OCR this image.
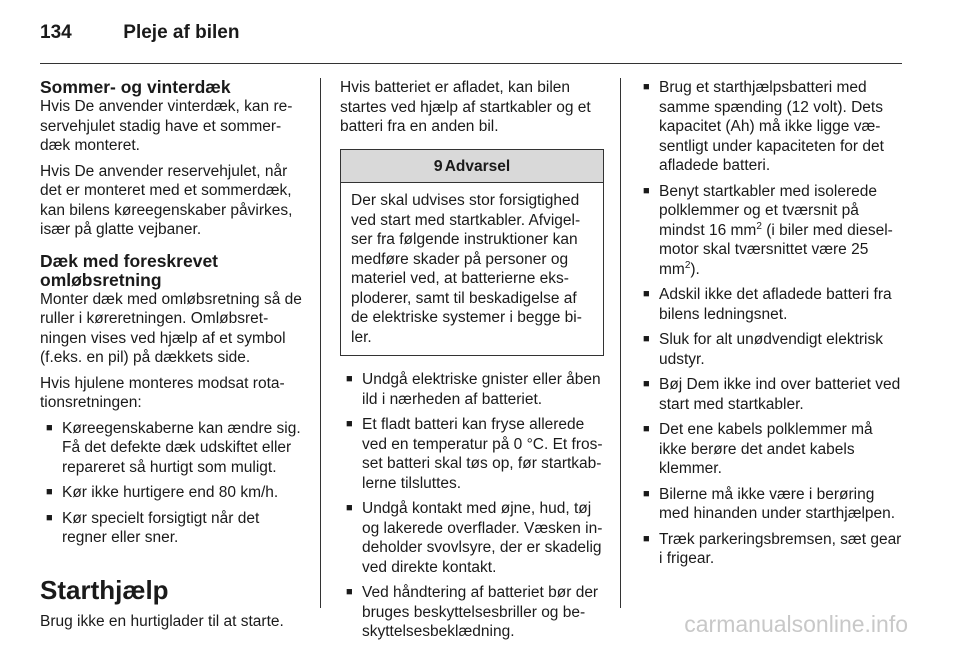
134	Pleje af bilen
Sommer- og vinterdæk

Hvis De anvender vinterdæk, kan re-servehjulet stadig have et sommer-dæk monteret.

Hvis De anvender reservehjulet, når det er monteret med et sommerdæk, kan bilens køreegenskaber påvirkes, især på glatte vejbaner.

Dæk med foreskrevet omløbsretning

Monter dæk med omløbsretning så de ruller i køreretningen. Omløbsret-ningen vises ved hjælp af et symbol (f.eks. en pil) på dækkets side.

Hvis hjulene monteres modsat rota-tionsretningen:

■ Køreegenskaberne kan ændre sig. Få det defekte dæk udskiftet eller repareret så hurtigt som muligt.
■ Kør ikke hurtigere end 80 km/h.
■ Kør specielt forsigtigt når det regner eller sner.
Starthjælp

Brug ikke en hurtiglader til at starte.

Hvis batteriet er afladet, kan bilen startes ved hjælp af startkabler og et batteri fra en anden bil.

9 Advarsel
Der skal udvises stor forsigtighed ved start med startkabler. Afvigel-ser fra følgende instruktioner kan medføre skader på personer og materiel ved, at batterierne eks-ploderer, samt til beskadigelse af de elektriske systemer i begge bi-ler.
■ Undgå elektriske gnister eller åben ild i nærheden af batteriet.
■ Et fladt batteri kan fryse allerede ved en temperatur på 0 °C. Et fros-set batteri skal tøs op, før startkab-lerne tilsluttes.
■ Undgå kontakt med øjne, hud, tøj og lakerede overflader. Væsken in-deholder svovlsyre, der er skadelig ved direkte kontakt.
■ Ved håndtering af batteriet bør der bruges beskyttelsesbriller og be-skyttelsesbeklædning.
■ Brug et starthjælpsbatteri med samme spænding (12 volt). Dets kapacitet (Ah) må ikke ligge væ-sentligt under kapaciteten for det afladede batteri.
■ Benyt startkabler med isolerede polklemmer og et tværsnit på mindst 16 $mm^2$ (i biler med diesel-motor skal tværsnittet være 25 $mm^2$).
■ Adskil ikke det afladede batteri fra bilens ledningsnet.
■ Sluk for alt unødvendigt elektrisk udstyr.
■ Bøj Dem ikke ind over batteriet ved start med startkabler.
■ Det ene kabels polklemmer må ikke berøre det andet kabels klemmer.
■ Bilerne må ikke være i berøring med hinanden under starthjælpen.
■ Træk parkeringsbremsen, sæt gear i frigear.
carmanualsonline.info
